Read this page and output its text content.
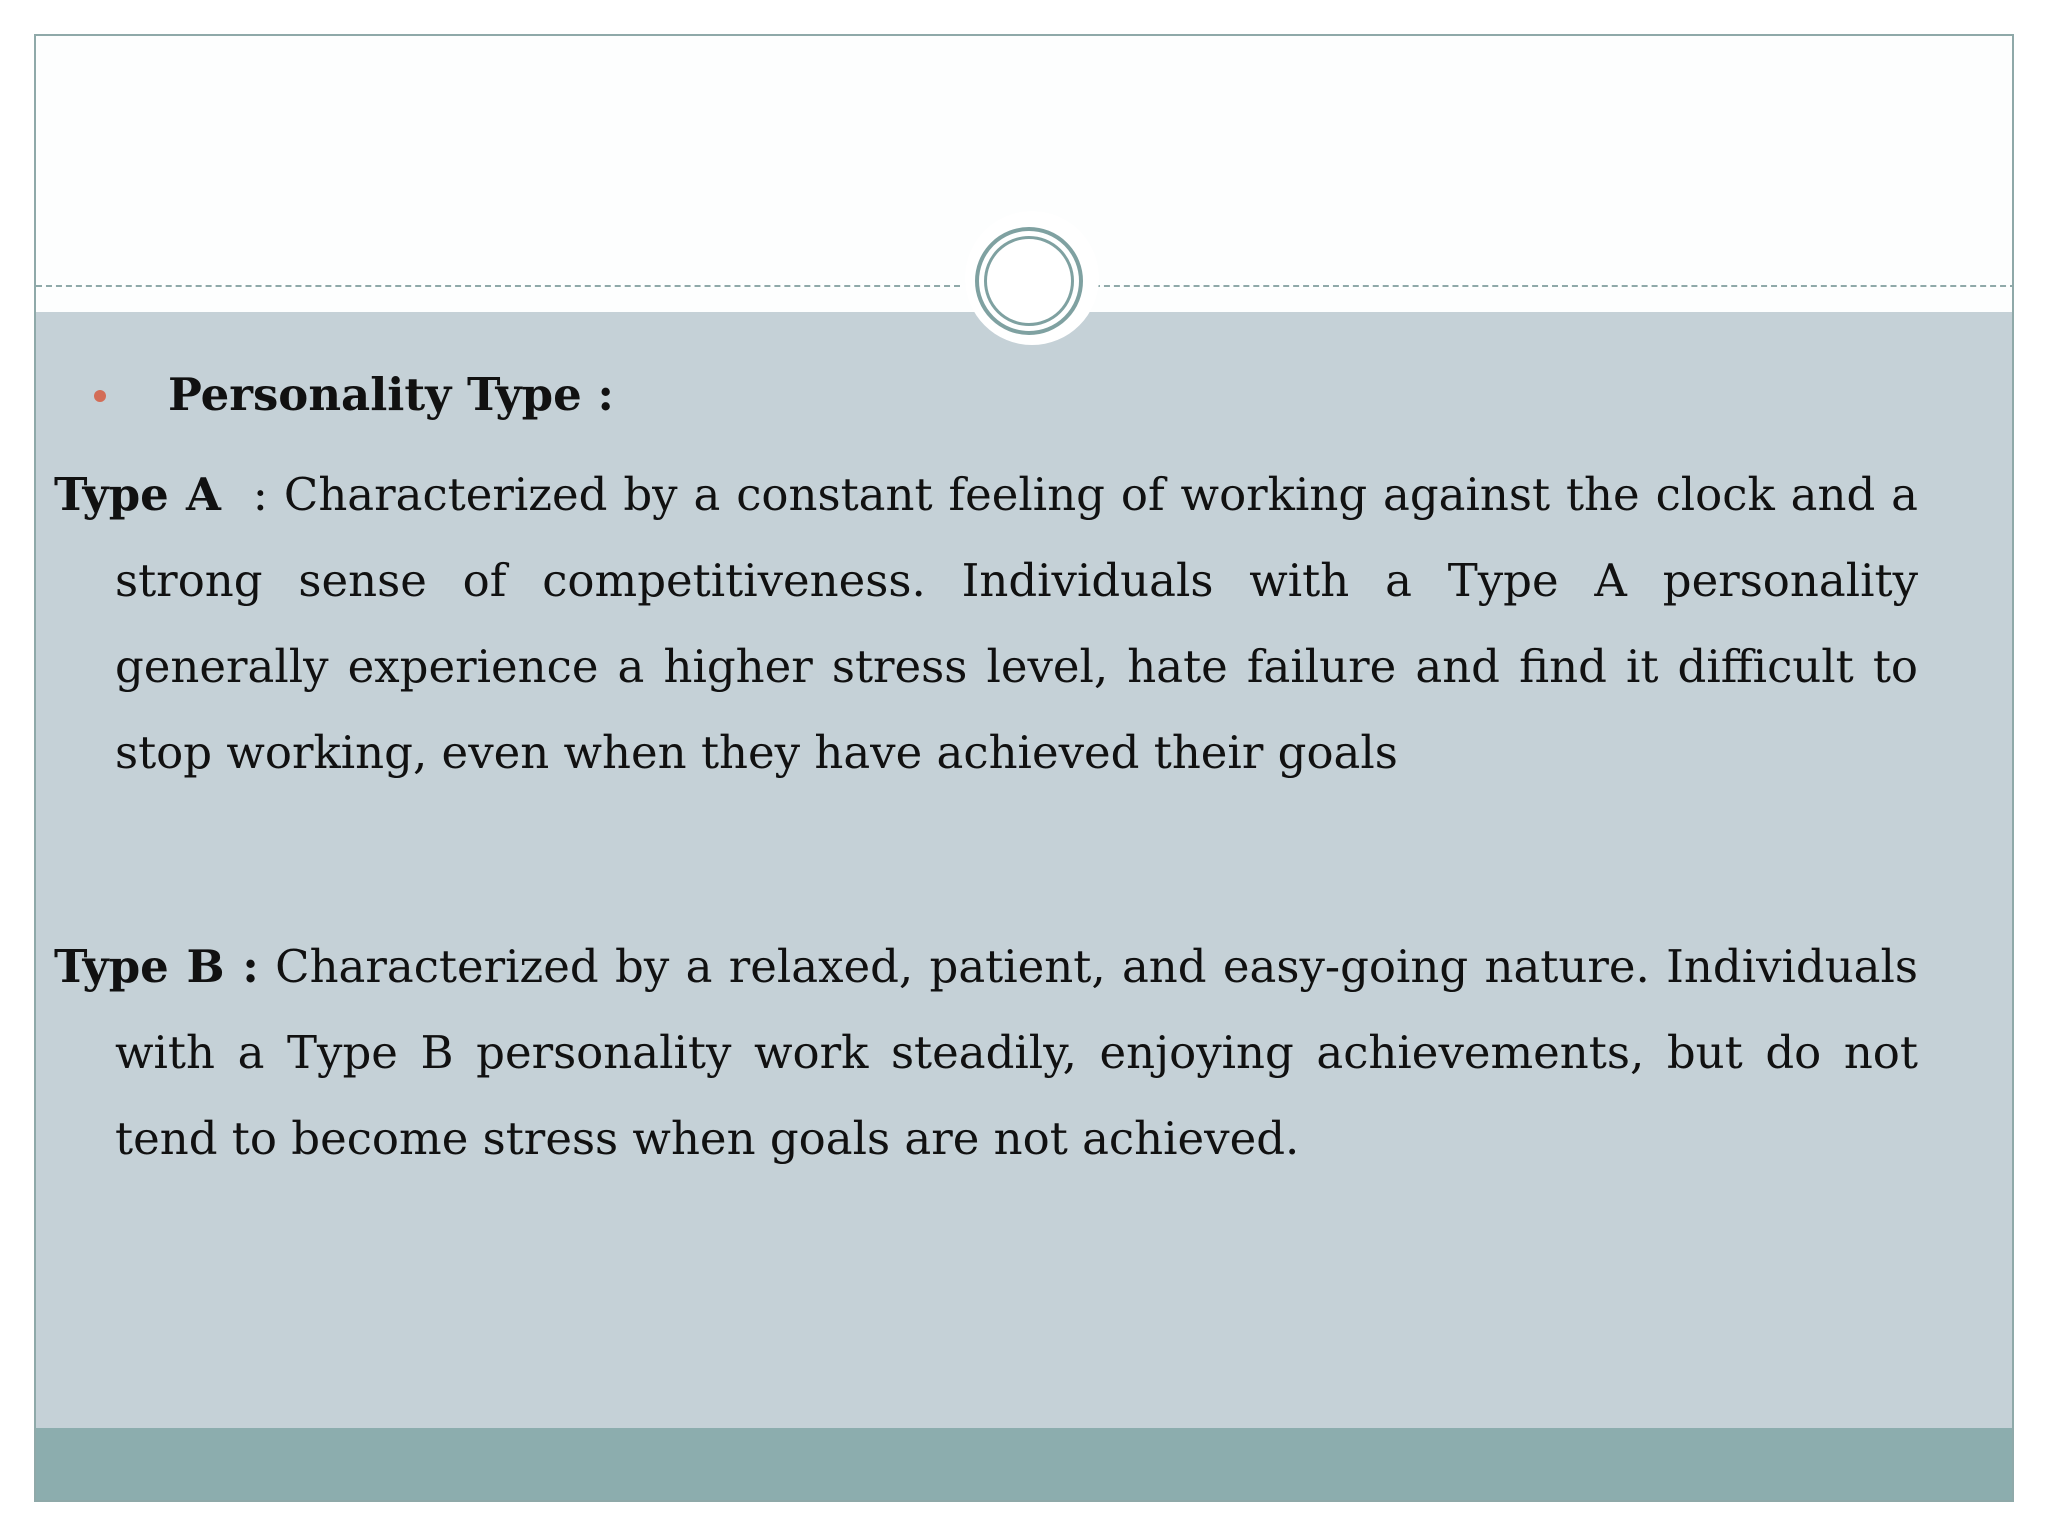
Personality Type :

Type A  : Characterized by a constant feeling of working against the clock and a strong sense of competitiveness. Individuals with a Type A personality generally experience a higher stress level, hate failure and find it difficult to stop working, even when they have achieved their goals

Type B : Characterized by a relaxed, patient, and easy-going nature. Individuals with a Type B personality work steadily, enjoying achievements, but do not tend to become stress when goals are not achieved.
